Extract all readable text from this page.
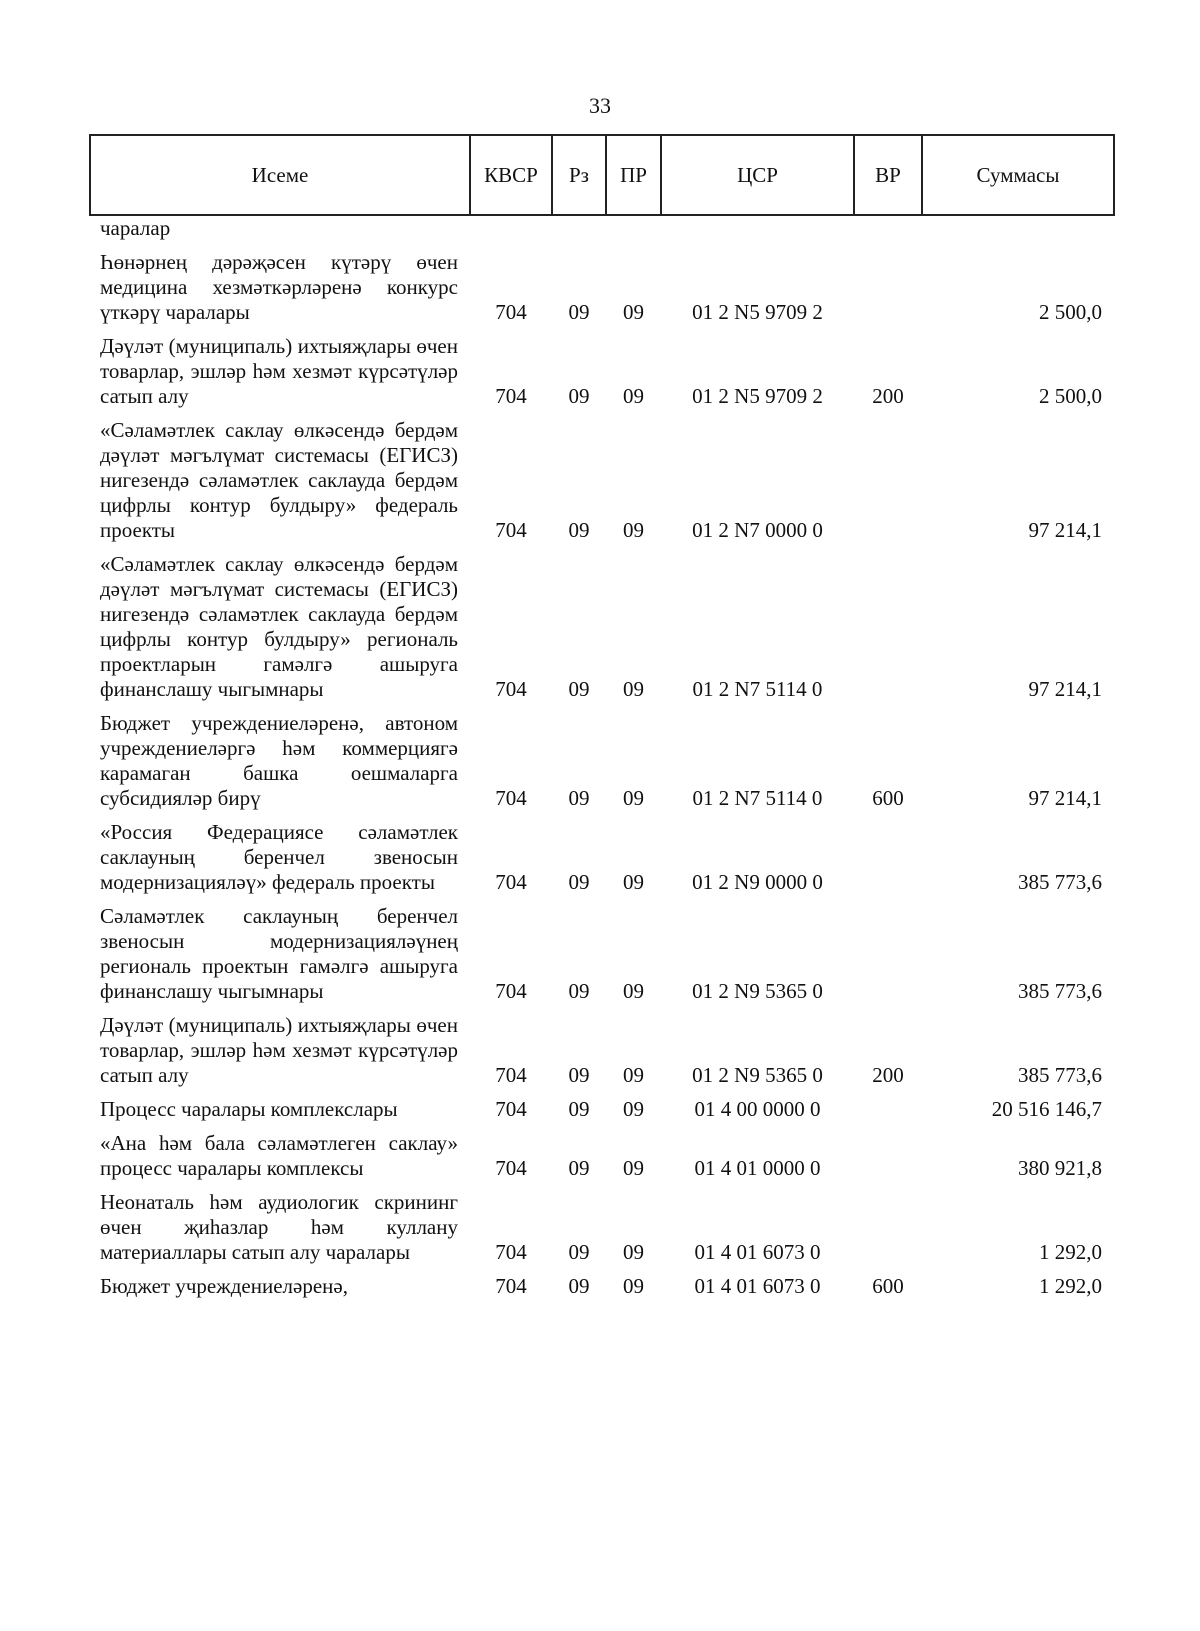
33
Исеме	КВСР	Рз	ПР	ЦСР	ВР	Суммасы
чаралар						
Һөнәрнең дәрәҗәсен күтәрү өчен медицина хезмәткәрләренә конкурс үткәрү чаралары	704	09	09	01 2 N5 9709 2		2 500,0
Дәүләт (муниципаль) ихтыяҗлары өчен товарлар, эшләр һәм хезмәт күрсәтүләр сатып алу	704	09	09	01 2 N5 9709 2	200	2 500,0
«Сәламәтлек саклау өлкәсендә бердәм дәүләт мәгълүмат системасы (ЕГИСЗ) нигезендә сәламәтлек саклауда бердәм цифрлы контур булдыру» федераль проекты	704	09	09	01 2 N7 0000 0		97 214,1
«Сәламәтлек саклау өлкәсендә бердәм дәүләт мәгълүмат системасы (ЕГИСЗ) нигезендә сәламәтлек саклауда бердәм цифрлы контур булдыру» региональ проектларын гамәлгә ашыруга финанслашу чыгымнары	704	09	09	01 2 N7 5114 0		97 214,1
Бюджет учреждениеләренә, автоном учреждениеләргә һәм коммерциягә карамаган башка оешмаларга субсидияләр бирү	704	09	09	01 2 N7 5114 0	600	97 214,1
«Россия Федерациясе сәламәтлек саклауның беренчел звеносын модернизацияләү» федераль проекты	704	09	09	01 2 N9 0000 0		385 773,6
Сәламәтлек саклауның беренчел звеносын модернизацияләүнең региональ проектын гамәлгә ашыруга финанслашу чыгымнары	704	09	09	01 2 N9 5365 0		385 773,6
Дәүләт (муниципаль) ихтыяҗлары өчен товарлар, эшләр һәм хезмәт күрсәтүләр сатып алу	704	09	09	01 2 N9 5365 0	200	385 773,6
Процесс чаралары комплекслары	704	09	09	01 4 00 0000 0		20 516 146,7
«Ана һәм бала сәламәтлеген саклау» процесс чаралары комплексы	704	09	09	01 4 01 0000 0		380 921,8
Неонаталь һәм аудиологик скрининг өчен җиһазлар һәм куллану материаллары сатып алу чаралары	704	09	09	01 4 01 6073 0		1 292,0
Бюджет учреждениеләренә,	704	09	09	01 4 01 6073 0	600	1 292,0
